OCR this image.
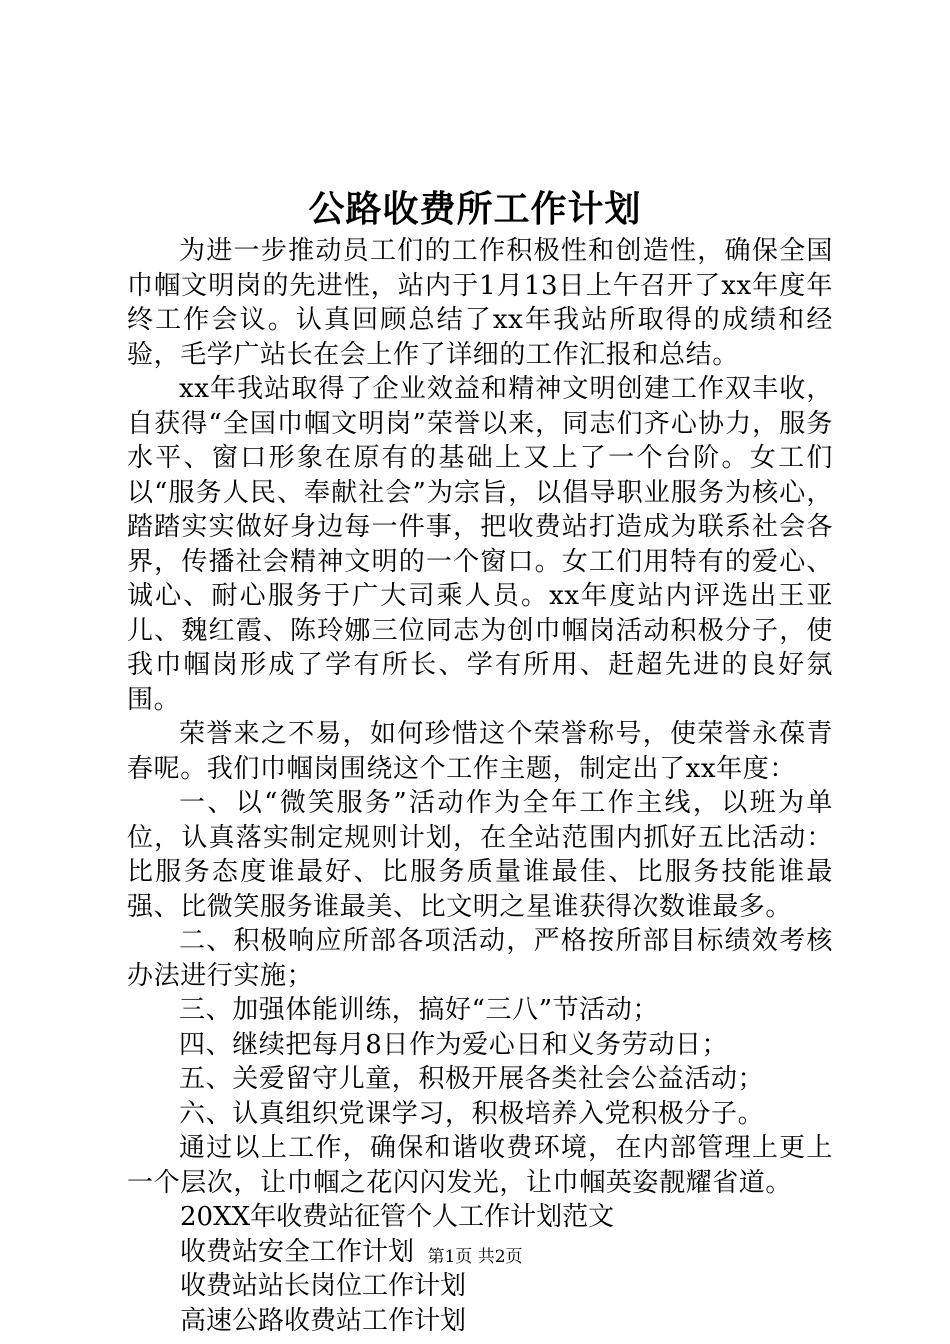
公路收费所工作计划

为进一步推动员工们的工作积极性和创造性，确保全国巾帼文明岗的先进性，站内于1月13日上午召开了xx年度年终工作会议。认真回顾总结了xx年我站所取得的成绩和经验，毛学广站长在会上作了详细的工作汇报和总结。

xx年我站取得了企业效益和精神文明创建工作双丰收，自获得“全国巾帼文明岗”荣誉以来，同志们齐心协力，服务水平、窗口形象在原有的基础上又上了一个台阶。女工们以“服务人民、奉献社会”为宗旨，以倡导职业服务为核心，踏踏实实做好身边每一件事，把收费站打造成为联系社会各界，传播社会精神文明的一个窗口。女工们用特有的爱心、诚心、耐心服务于广大司乘人员。xx年度站内评选出王亚儿、魏红霞、陈玲娜三位同志为创巾帼岗活动积极分子，使我巾帼岗形成了学有所长、学有所用、赶超先进的良好氛围。

荣誉来之不易，如何珍惜这个荣誉称号，使荣誉永葆青春呢。我们巾帼岗围绕这个工作主题，制定出了xx年度：

一、以“微笑服务”活动作为全年工作主线，以班为单位，认真落实制定规则计划，在全站范围内抓好五比活动：比服务态度谁最好、比服务质量谁最佳、比服务技能谁最强、比微笑服务谁最美、比文明之星谁获得次数谁最多。

二、积极响应所部各项活动，严格按所部目标绩效考核办法进行实施；

三、加强体能训练，搞好“三八”节活动；

四、继续把每月8日作为爱心日和义务劳动日；

五、关爱留守儿童，积极开展各类社会公益活动；

六、认真组织党课学习，积极培养入党积极分子。

通过以上工作，确保和谐收费环境，在内部管理上更上一个层次，让巾帼之花闪闪发光，让巾帼英姿靓耀省道。

20XX年收费站征管个人工作计划范文

收费站安全工作计划

收费站站长岗位工作计划

高速公路收费站工作计划

第1页 共2页
